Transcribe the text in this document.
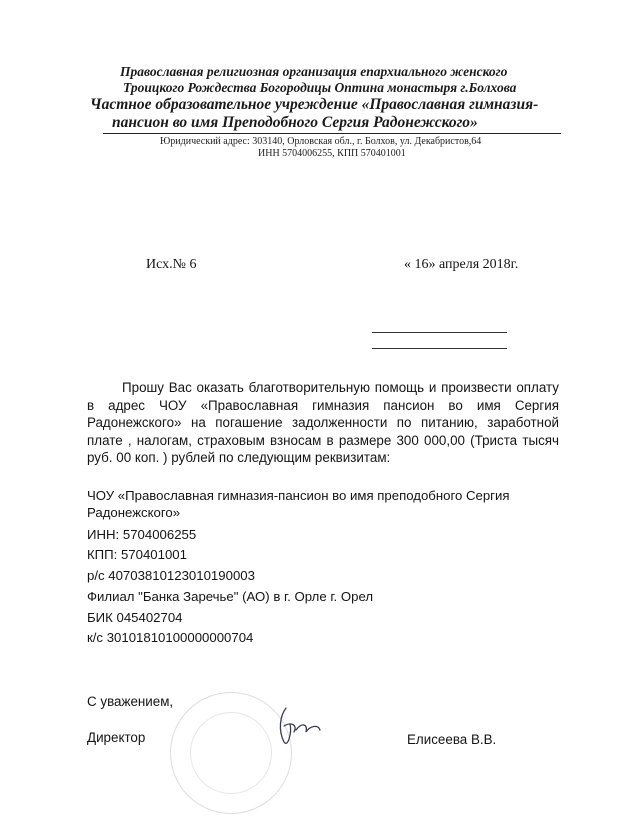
Православная религиозная организация епархиального женского
Троицкого Рождества Богородицы Оптина монастыря г.Болхова
Частное образовательное учреждение «Православная гимназия-
пансион во имя Преподобного Сергия Радонежского»
Юридический адрес: 303140, Орловская обл., г. Болхов, ул. Декабристов,64
ИНН 5704006255, КПП 570401001
Исх.№ 6	« 16» апреля 2018г.
Прошу Вас оказать благотворительную помощь и произвести оплату в адрес ЧОУ «Православная гимназия пансион во имя Сергия Радонежского» на погашение задолженности по питанию, заработной плате , налогам, страховым взносам в размере 300 000,00 (Триста тысяч руб. 00 коп. ) рублей по следующим реквизитам:
ЧОУ «Православная гимназия-пансион во имя преподобного Сергия
Радонежского»
ИНН: 5704006255
КПП: 570401001
р/с 40703810123010190003
Филиал "Банка Заречье" (АО) в г. Орле г. Орел
БИК 045402704
к/с 30101810100000000704
С уважением,
Директор	Елисеева В.В.
